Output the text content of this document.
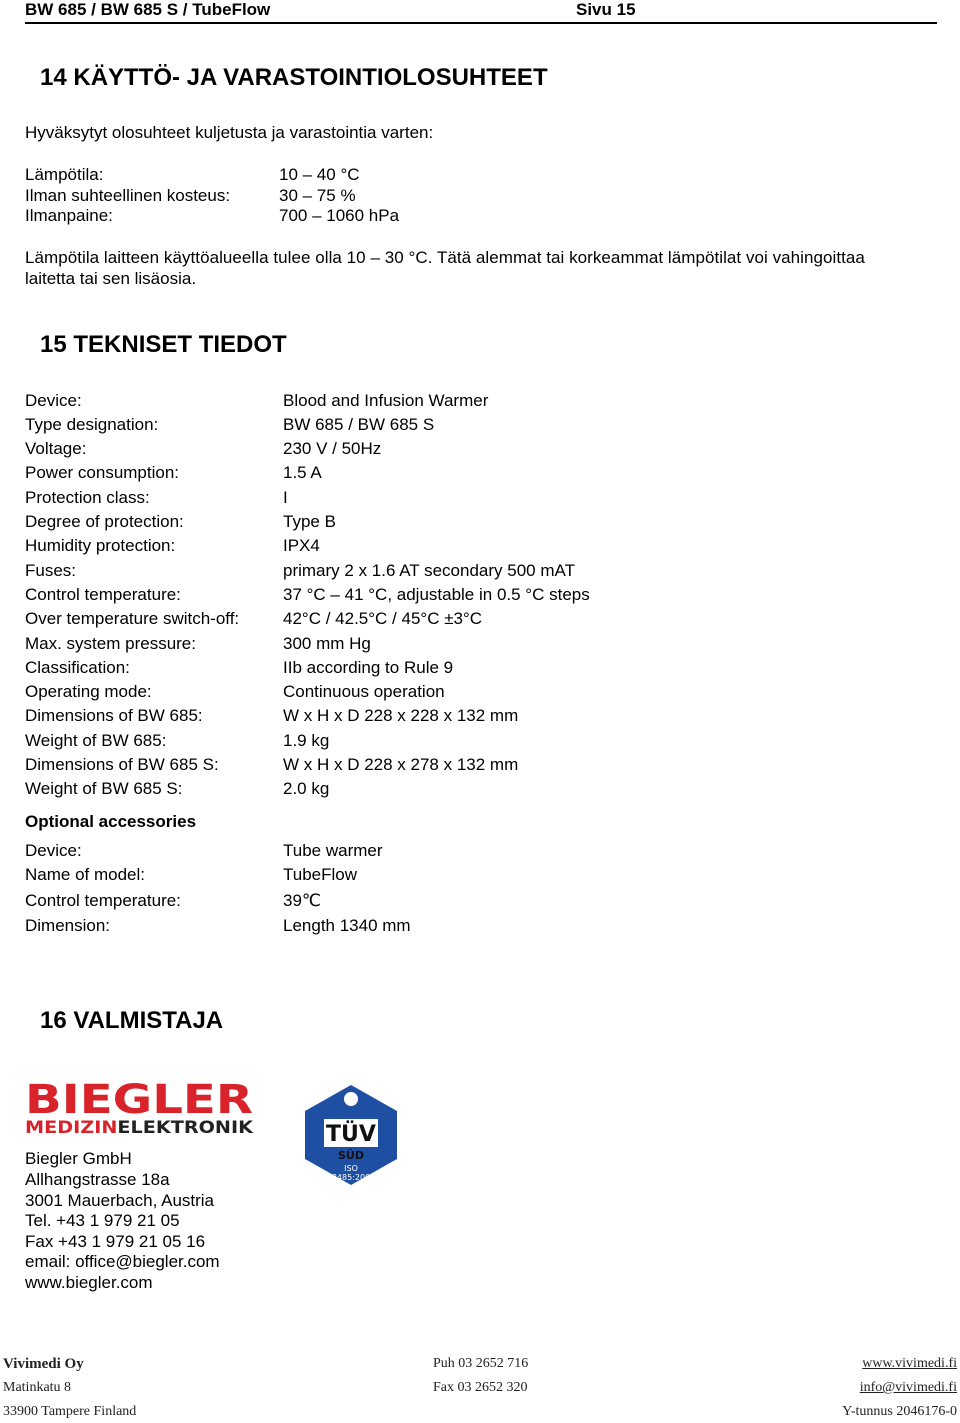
BW 685 / BW 685 S / TubeFlow	Sivu 15
14 KÄYTTÖ- JA VARASTOINTIOLOSUHTEET
Hyväksytyt olosuhteet kuljetusta ja varastointia varten:
Lämpötila:	10 – 40 °C
Ilman suhteellinen kosteus:	30 – 75 %
Ilmanpaine:	700 – 1060 hPa
Lämpötila laitteen käyttöalueella tulee olla 10 – 30 °C. Tätä alemmat tai korkeammat lämpötilat voi vahingoittaa
laitetta tai sen lisäosia.
15 TEKNISET TIEDOT
Device:	Blood and Infusion Warmer
Type designation:	BW 685 / BW 685 S
Voltage:	230 V / 50Hz
Power consumption:	1.5 A
Protection class:	I
Degree of protection:	Type B
Humidity protection:	IPX4
Fuses:	primary 2 x 1.6 AT secondary 500 mAT
Control temperature:	37 °C – 41 °C, adjustable in 0.5 °C steps
Over temperature switch-off:	42°C / 42.5°C / 45°C ±3°C
Max. system pressure:	300 mm Hg
Classification:	IIb according to Rule 9
Operating mode:	Continuous operation
Dimensions of BW 685:	W x H x D 228 x 228 x 132 mm
Weight of BW 685:	1.9 kg
Dimensions of BW 685 S:	W x H x D 228 x 278 x 132 mm
Weight of BW 685 S:	2.0 kg
Optional accessories
Device:	Tube warmer
Name of model:	TubeFlow
Control temperature:	39℃
Dimension:	Length 1340 mm
16 VALMISTAJA
BIEGLER
MEDIZIN ELEKTRONIK	TÜV
SÜD
ISO
13485:2003
Biegler GmbH
Allhangstrasse 18a
3001 Mauerbach, Austria
Tel. +43 1 979 21 05
Fax +43 1 979 21 05 16
email: office@biegler.com
www.biegler.com
Vivimedi Oy
Matinkatu 8
33900 Tampere Finland
Puh 03 2652 716
Fax 03 2652 320
www.vivimedi.fi
info@vivimedi.fi
Y-tunnus 2046176-0
